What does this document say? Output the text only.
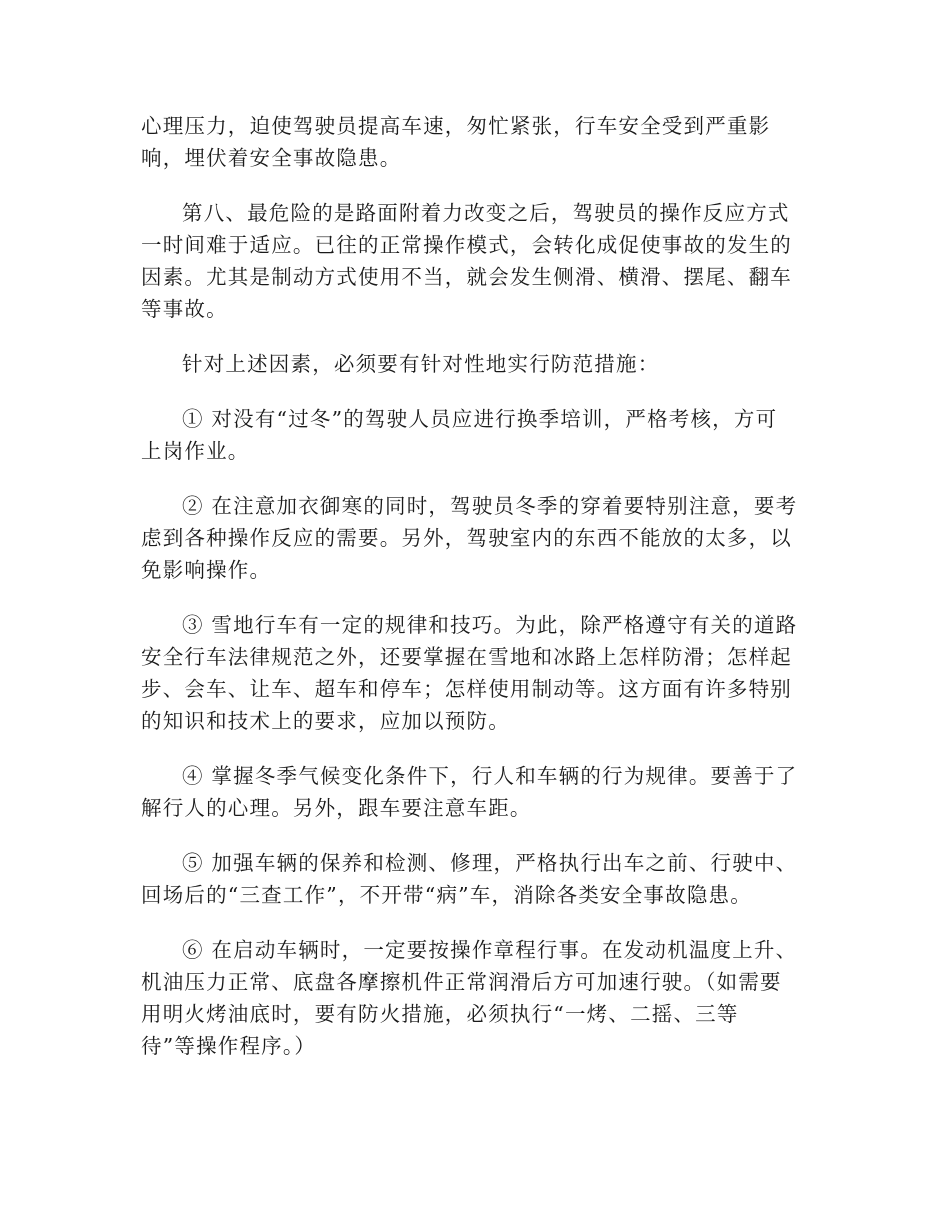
心理压力，迫使驾驶员提高车速，匆忙紧张，行车安全受到严重影
响，埋伏着安全事故隐患。

第八、最危险的是路面附着力改变之后，驾驶员的操作反应方式
一时间难于适应。已往的正常操作模式，会转化成促使事故的发生的
因素。尤其是制动方式使用不当，就会发生侧滑、横滑、摆尾、翻车
等事故。

针对上述因素，必须要有针对性地实行防范措施：

① 对没有“过冬”的驾驶人员应进行换季培训，严格考核，方可
上岗作业。

② 在注意加衣御寒的同时，驾驶员冬季的穿着要特别注意，要考
虑到各种操作反应的需要。另外，驾驶室内的东西不能放的太多，以
免影响操作。

③ 雪地行车有一定的规律和技巧。为此，除严格遵守有关的道路
安全行车法律规范之外，还要掌握在雪地和冰路上怎样防滑；怎样起
步、会车、让车、超车和停车；怎样使用制动等。这方面有许多特别
的知识和技术上的要求，应加以预防。

④ 掌握冬季气候变化条件下，行人和车辆的行为规律。要善于了
解行人的心理。另外，跟车要注意车距。

⑤ 加强车辆的保养和检测、修理，严格执行出车之前、行驶中、
回场后的“三查工作”，不开带“病”车，消除各类安全事故隐患。

⑥ 在启动车辆时，一定要按操作章程行事。在发动机温度上升、
机油压力正常、底盘各摩擦机件正常润滑后方可加速行驶。（如需要
用明火烤油底时，要有防火措施，必须执行“一烤、二摇、三等
待”等操作程序。）
